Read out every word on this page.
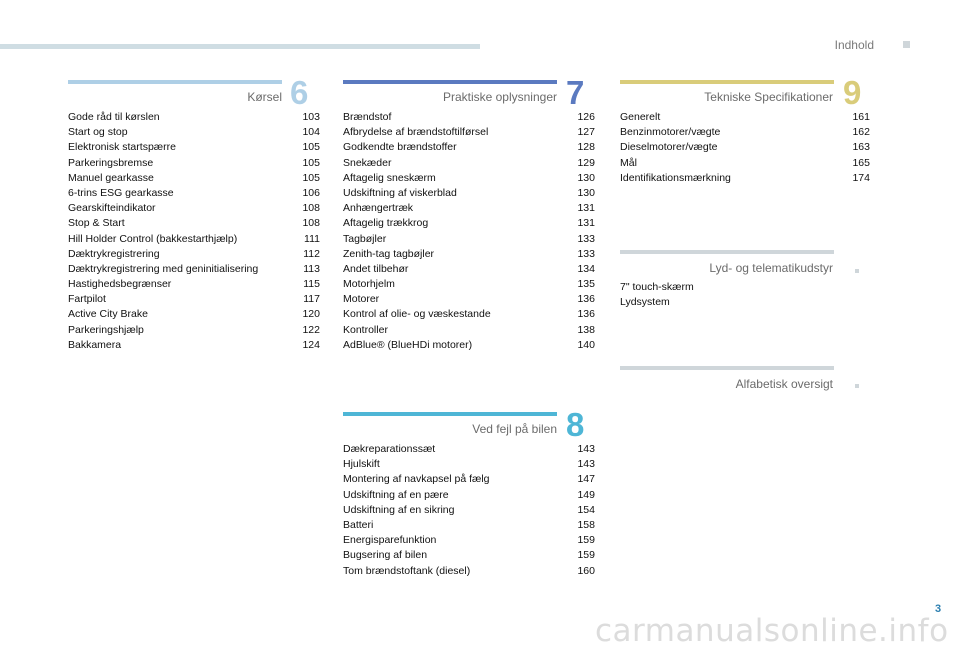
Indhold
Kørsel 6
Gode råd til kørslen	103
Start og stop	104
Elektronisk startspærre	105
Parkeringsbremse	105
Manuel gearkasse	105
6-trins ESG gearkasse	106
Gearskifteindikator	108
Stop & Start	108
Hill Holder Control (bakkestarthjælp)	111
Dæktrykregistrering	112
Dæktrykregistrering med geninitialisering	113
Hastighedsbegrænser	115
Fartpilot	117
Active City Brake	120
Parkeringshjælp	122
Bakkamera	124
Praktiske oplysninger 7
Brændstof	126
Afbrydelse af brændstoftilførsel	127
Godkendte brændstoffer	128
Snekæder	129
Aftagelig sneskærm	130
Udskiftning af viskerblad	130
Anhængertræk	131
Aftagelig trækkrog	131
Tagbøjler	133
Zenith-tag tagbøjler	133
Andet tilbehør	134
Motorhjelm	135
Motorer	136
Kontrol af olie- og væskestande	136
Kontroller	138
AdBlue® (BlueHDi motorer)	140
Ved fejl på bilen 8
Dækreparationssæt	143
Hjulskift	143
Montering af navkapsel på fælg	147
Udskiftning af en pære	149
Udskiftning af en sikring	154
Batteri	158
Energisparefunktion	159
Bugsering af bilen	159
Tom brændstoftank (diesel)	160
Tekniske Specifikationer 9
Generelt	161
Benzinmotorer/vægte	162
Dieselmotorer/vægte	163
Mål	165
Identifikationsmærkning	174
Lyd- og telematikudstyr
7" touch-skærm
Lydsystem
Alfabetisk oversigt
3
carmanualsonline.info
